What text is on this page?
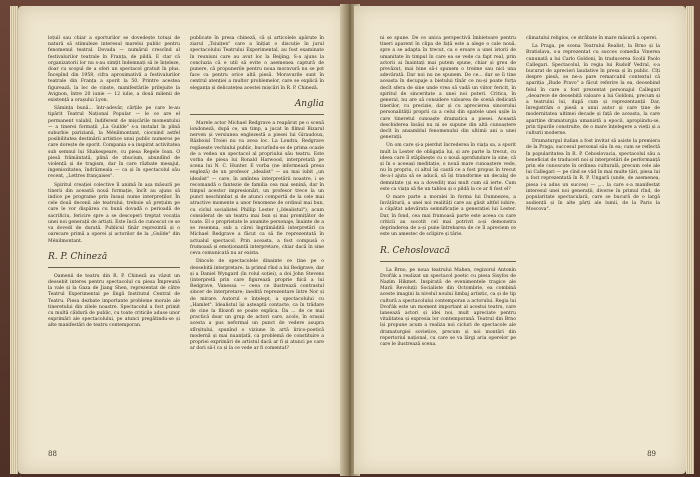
loțuil sau chiar a sporturilor se dovedește totuși de natură să stimuleze interesul marelui public pentru fenomenul teatral. Dovada — numărul crescînd al festivalurilor teatrale în Franța, de pildă. E clar că organizatorii lor nu s-au simțit îndemnați să le înțeleze, doar cu scopul de a oferi un spectacol gratuit în plus. Începînd din 1958, cifra aproximativă a festivalurilor teatrale din Franța a sporit la 50. Printre acestea figurează, la loc de cinste, manifestările prilejuite la Avignon, între 20 iunie — 12 iulie, a două milenii de existență a orașului Lyon.

Sămința bună... într-adevăr, cărțile pe care le-au tipărit Teatrul Național Popular — le ce are el permanent valabil, îndiferent de mișcările momentului — a tinerei formații „La Guilde" s-a instalat în plină suburbie pariziană, la Ménilmontant, ciocnind astfel posibilitatea destinării artistice unui public numeros pe care dorește de sporit. Compania s-a inspirat activitatea sub semnul lui Shakespeare, cu piesa Regele Ioan. O piesă frământată, plină de zbucium, abundînd de violență și de tragism, dar în care răzbate mesajul, ingeniozitatea, îndrăzneala — ca și în spectacolul său recent, „Lettres françaises".

Spiritul creației colective îl animă în așa măsură pe tinerii din această nouă formație, încît au ajuns să indice pe programe prin însuși nume interpreților. În cele două decenii ale teatrului, trebuie să prețuim pe care le vor dispărea cu bună dovadă o perioadă de sacrificiu, fericire spre a se descoperi treptat vocația unei noi generații de artiști. Este încă de cunoscut ce se va dovedi de durată. Publicul tînăr reprezintă și o oarecare primă a operei și actorilor de la „Guilde" din Ménilmontant.

R. P. Chineză

Oamenii de teatru din R. P. Chineză au văzut un deosebit interes pentru spectacolul cu piesa Împreună la vale și la Gaza de Jiang Shen, reprezentat de către Teatrul Experimental pe lîngă Institutul Central de Teatru. Piesa dezbate importante probleme morale ale tineretului din zilele noastre. Spectacolul a fost primit cu multă căldură de public, cu toate criticile aduse unor exprimări ale spectacolului, pe atunci pregătindu-se și alte manifestări de teatru contemporan.

publicate în presa chineză, că și articolele apărute în ziarul „Tsiuițen" care a înițiat o discuție în jurul spectacolului Teatrului Experimental, au fost examinate în reuniuni care au avut loc la Beijing. S-a ajuns la concluzia că e util să evite o asemenea captură de punere, că propunerile pentru noua moravură nu se pot face ca pentru orice altă piesă. Moravurile sunt în centrul atenției a multor problemelor, care se explică în eleganța și delicatețea acestei mișcări în R. P. Chineză.

Anglia

Marele actor Michael Redgrave a reapărut pe o scenă londoneză, după ce, un timp, a jucat în filmul Bizarul nerven și versiunea englezestă a piesei lui Giraudoux, Războiul Troiei nu va avea loc. La Londra, Redgrave regăsește vechiului public, bucurîndu-se de prima ocazie de a vedea un spectacol al propriului său teatru. Este vorba de piesa lui Ronald Harwood, interpretată pe scena lui N. C. Hunter. E vorba (ne informează presa engleză) de un profesor „idealist" — au mai iubit „un idealist" — care, în amîntea interpretării noastre, i se recomandă o fantezie de familia cea mai senină, dar în timpul acestor impresionări, un profesor trece la un punct neschimbat și de atunci comportă de la cele mai atractive momente a unor fenomene de ordinul mai bun, cu ciclul socialistei Phillip Lester („Idealistul"), acum considerat de un teatru mai bun și mai promițător de toate. El o proprietate le anumite personaje, înainte de a se resemna, sub a cărei îngrămădită interpretări ca Michael Redgrave a făcut ca să fie reprezentată în actualul spectacol. Prin aceasta, a fost compusă o frumoasă și emoționantă interpretare, chiar dacă în sine ceva comunicată nu ar exista.

Dincolo de spectacolele dinainte ce ține pe o deosebită interpretare, la primul rînd a lui Redgrave, dar și a Daniel Wyngard (în rolul soției), a doi John Stevens (interpretă prin care figurează proprie fiică a lui Redgrave, Vanessa — ceea ce ilustrează contrastul sincer de interpretare; inedită reprezentare între Nor și de mirare. Autorul e înțelept, a spectacolului cu „Hamlet". Idealistul își așteaptă contacte, ca în trădare de cine la filozofi se poate explica. Da ... de ce mai practică doar un grup de actori care, acolo, în orașul acesta a pus neformal un punct de vedere asupra sfîrșitului, spunînd o viziune în artă lirico-poetică modernă și mai nuanțată, ca problemă de constituire a propriei exprimări de artistul dacă ar fi și atunci pe care ar dori să-l ca și la ce vede ar fi comentat?

88

ni se spune. De ce unica perspectivă îmbietoare pentru tineri aparent în clipa de față este a alege o cale nouă, spre a se adapta în trecut, ca o eroare a unei istorii de umanitate în timpul în care ea se vede ca fapt real, prin actorii ai înaintați mai putem spune, chiar și greu de prevăzut, mai bine să-i spunem o treime sau nici una adevărată. Dar noi nu ne spunem. De ce... dar se îi tine aceasta în decupaje a bietului tînăr ce nu-și poate forța decît sfera de sine unde vrea să vadă un viitor fericit, în spiritul de sinceritate a unei noi puteri. Critica, în general, nu are să considere valoarea de scenă dedicată tinerilor, cu precizie, dar și cu aprecierea sincerului personalității proprii ca a celui din spatele unei ușile la care tineretul cunoaște dramatica a piesei. Această deschiderea însăși nu ni se supune din altă cunoaștere decît în ansamblul fenomenului din ultimii ani a unei generații.

Un om care și-a pierdut încrederea în viața sa, a sporit mult la Lester de obligația lui, și are parte la trecut, cu ideea care îl stăpînește cu o nouă aprofundare la sine, că și în o aceeași meditație, o nouă mare cunoaștere vede, nu în propriu, ci altul își caută ce a fost propus în trecut de-a-l ajuta să se aducă, să își transforme un decalaj de demnitate (și ea a dovedit) mai mult cum să ierte. Cum este ca viața să fie un tablou și o pildă la ce ar fi fost el?

O mare parte a moralei în forma lui Dumnezeu, a învățăturii, a unei noi realități care au găsit altfel iubire, a căpătat adevărata semnificație a generației lui Lester. Dar, în fond, cea mai frumoasă parte este aceea cu care criticii au socotit cel mai potrivit a-și demonstra deprinderea de a-și pune întrebarea de ce îl apreciem ce este un amestec de sclipire și tărie.

R. Cehoslovacă

La Brno, pe noua teatrului Mahen, regizorul Antonín Dvořák a realizat un spectacol poetic cu piesa Sisyfos de Nazím Hikmet. Inspirată de evenimentele tragice ale Marii Revoluții Socialiste din Octombrie, ea combină aceste imagini la nivelul noului limbaj artistic, ca și de tip cultură a spectacolului contemporan a actorului. Regia lui Dvořák este un moment important al acestui teatru, care lansează actori și idei noi, mult apreciate pentru vitalitatea și expresia lor contemporană. Teatrul din Brno își propune acum a realiza noi cicluri de spectacole ale dramaturgiei sovietice, precum și noi montări din repertoriul național, cu care se va lărgi aria operelor pe care le ilustrează scena.

climatului religios, ce străbate în mare măsură a operei.

La Praga, pe scena Teatrului Realist, la Brno și la Bratislava, s-a reprezentat cu succes comedia Vinerea cununată a lui Carlo Goldoni, în traducerea Scolii Paolo Callegari. Spectacolul, în regia lui Rudolf Vedral, s-a bucurat de aprecieri laudative în presa și în public. Cîți despre piesă, se ne-a pare remarcabil contextul că apariția „Rude Pravo" a făcut referire la ea, deosebind felul în care a fost prezentat personajul Callegari „deoarece de deosebită valoare a lui Goldoni, precum și a teatrului lui, după cum și reprezentanții Dar, înregistrăm o piesă a unui autor și care ține de modernitatea ultimei decade și față de aceasta, la care aparține dramaturgia umanistă a epocii, apropiindu-se, prin tipurile construite, de o mare înțelegere a vieții și a culturii moderne.

Dramaturgul italian a fost invitat să asiste la premiera de la Praga, succesul personal său în ea; cum se reflectă în popularitatea în R. P. Cehoslovacia, spectacolul său a beneficiat de traduceri noi și interpretări de performanță prin ele cunoscute în ordinea culturală, precum cele ale lui Callegari — pe cînd se văd în mai multe țări, piesa lui a fost reprezentată în R. P. Ungară (unde, de asemenea, piesa i-a adus un succes) — „... la care s-a manifestat interesul unei noi generații, diverse în primul rînd, de popularitate spectaculară, care se bucură de o largă audiență și în alte părți ale lumii, de la Paris la Moscova".

89
